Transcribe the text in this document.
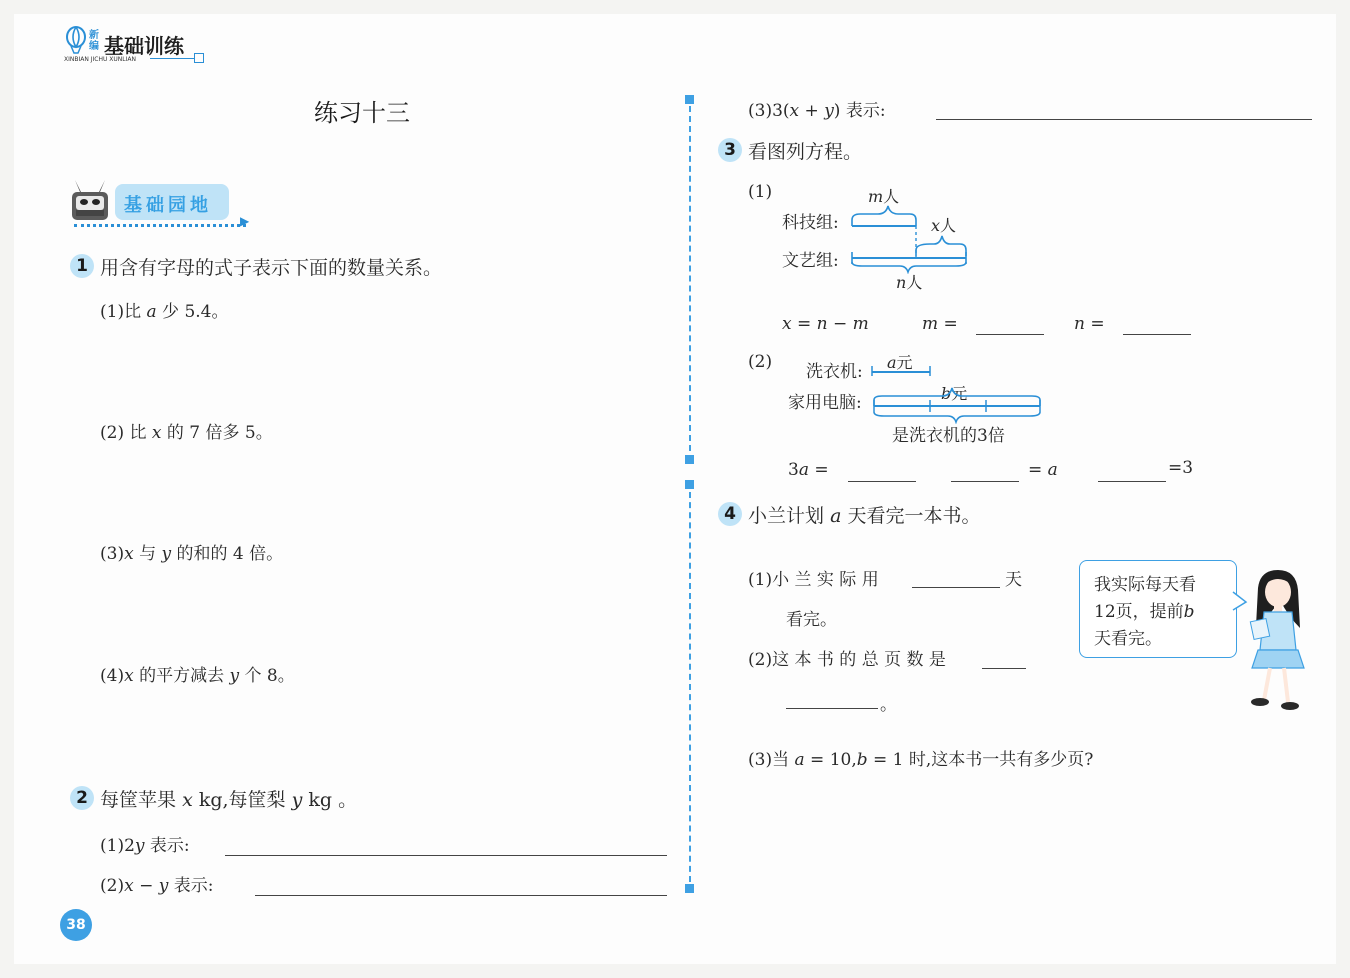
新编 基础训练
XINBIAN JICHU XUNLIAN
练习十三
基础园地
▶
1 用含有字母的式子表示下面的数量关系。
(1)比 a 少 5.4。
(2) 比 x 的 7 倍多 5。
(3)x 与 y 的和的 4 倍。
(4)x 的平方减去 y 个 8。
2 每筐苹果 x kg,每筐梨 y kg 。
(1)2y 表示:
(2)x − y 表示:
38
(3)3(x + y) 表示:
3 看图列方程。
(1)
科技组:
文艺组:
m人
x人
n人
x = n − m	m =	n =
(2) 洗衣机:
家用电脑:
a元
b元
是洗衣机的3倍
3a =	= a	=3
4 小兰计划 a 天看完一本书。
(1)小 兰 实 际 用	天
看完。
(2)这 本 书 的 总 页 数 是
。
(3)当 a = 10,b = 1 时,这本书一共有多少页?
我实际每天看
12页，提前b
天看完。
